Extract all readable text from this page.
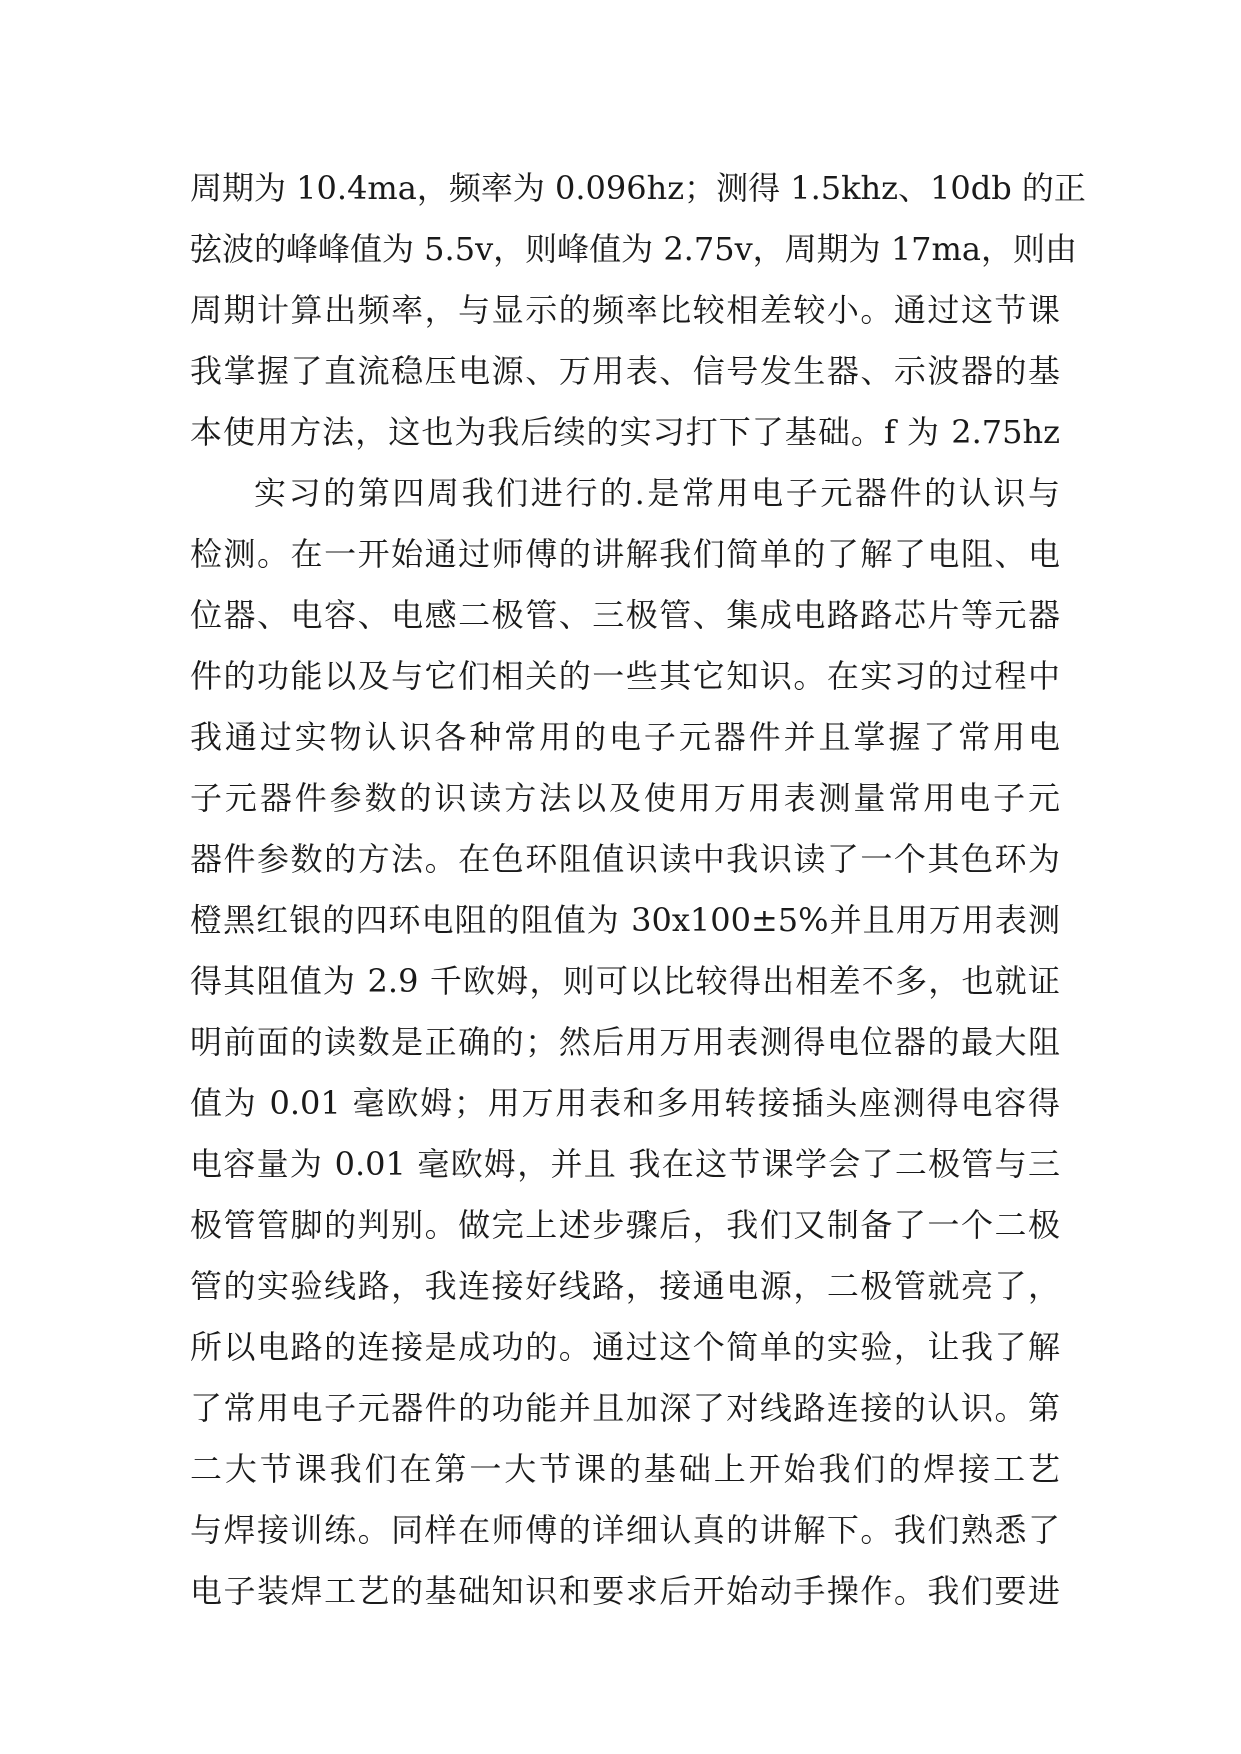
周期为 10.4ma，频率为 0.096hz；测得 1.5khz、10db 的正
弦波的峰峰值为 5.5v，则峰值为 2.75v，周期为 17ma，则由
周期计算出频率，与显示的频率比较相差较小。通过这节课
我掌握了直流稳压电源、万用表、信号发生器、示波器的基
本使用方法，这也为我后续的实习打下了基础。f 为 2.75hz
实习的第四周我们进行的.是常用电子元器件的认识与
检测。在一开始通过师傅的讲解我们简单的了解了电阻、电
位器、电容、电感二极管、三极管、集成电路路芯片等元器
件的功能以及与它们相关的一些其它知识。在实习的过程中
我通过实物认识各种常用的电子元器件并且掌握了常用电
子元器件参数的识读方法以及使用万用表测量常用电子元
器件参数的方法。在色环阻值识读中我识读了一个其色环为
橙黑红银的四环电阻的阻值为 30x100±5%并且用万用表测
得其阻值为 2.9 千欧姆，则可以比较得出相差不多，也就证
明前面的读数是正确的；然后用万用表测得电位器的最大阻
值为 0.01 毫欧姆；用万用表和多用转接插头座测得电容得
电容量为 0.01 毫欧姆，并且 我在这节课学会了二极管与三
极管管脚的判别。做完上述步骤后，我们又制备了一个二极
管的实验线路，我连接好线路，接通电源，二极管就亮了，
所以电路的连接是成功的。通过这个简单的实验，让我了解
了常用电子元器件的功能并且加深了对线路连接的认识。第
二大节课我们在第一大节课的基础上开始我们的焊接工艺
与焊接训练。同样在师傅的详细认真的讲解下。我们熟悉了
电子装焊工艺的基础知识和要求后开始动手操作。我们要进
